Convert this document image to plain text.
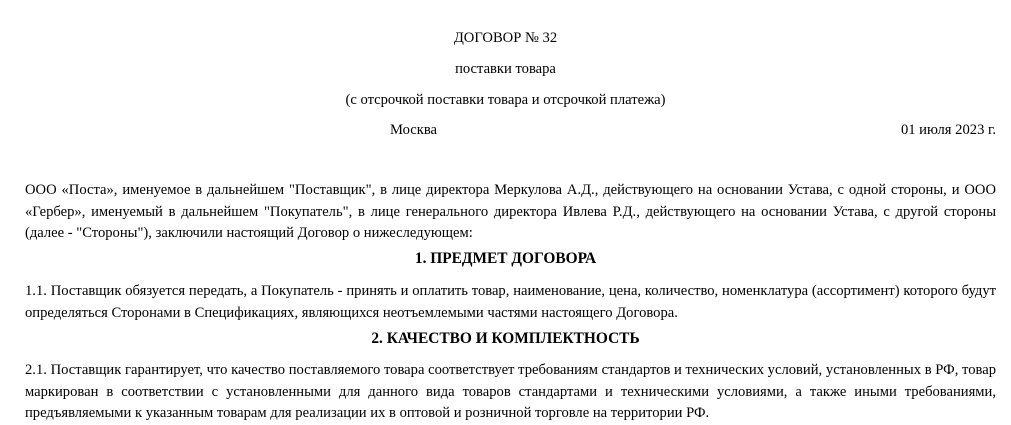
ДОГОВОР № 32
поставки товара
(с отсрочкой поставки товара и отсрочкой платежа)
Москва	01 июля 2023 г.

ООО «Поста», именуемое в дальнейшем "Поставщик", в лице директора Меркулова А.Д., действующего на основании Устава, с одной стороны, и ООО «Гербер», именуемый в дальнейшем "Покупатель", в лице генерального директора Ивлева Р.Д., действующего на основании Устава, с другой стороны (далее - "Стороны"), заключили настоящий Договор о нижеследующем:

1. ПРЕДМЕТ ДОГОВОРА

1.1. Поставщик обязуется передать, а Покупатель - принять и оплатить товар, наименование, цена, количество, номенклатура (ассортимент) которого будут определяться Сторонами в Спецификациях, являющихся неотъемлемыми частями настоящего Договора.

2. КАЧЕСТВО И КОМПЛЕКТНОСТЬ

2.1. Поставщик гарантирует, что качество поставляемого товара соответствует требованиям стандартов и технических условий, установленных в РФ, товар маркирован в соответствии с установленными для данного вида товаров стандартами и техническими условиями, а также иными требованиями, предъявляемыми к указанным товарам для реализации их в оптовой и розничной торговле на территории РФ.
